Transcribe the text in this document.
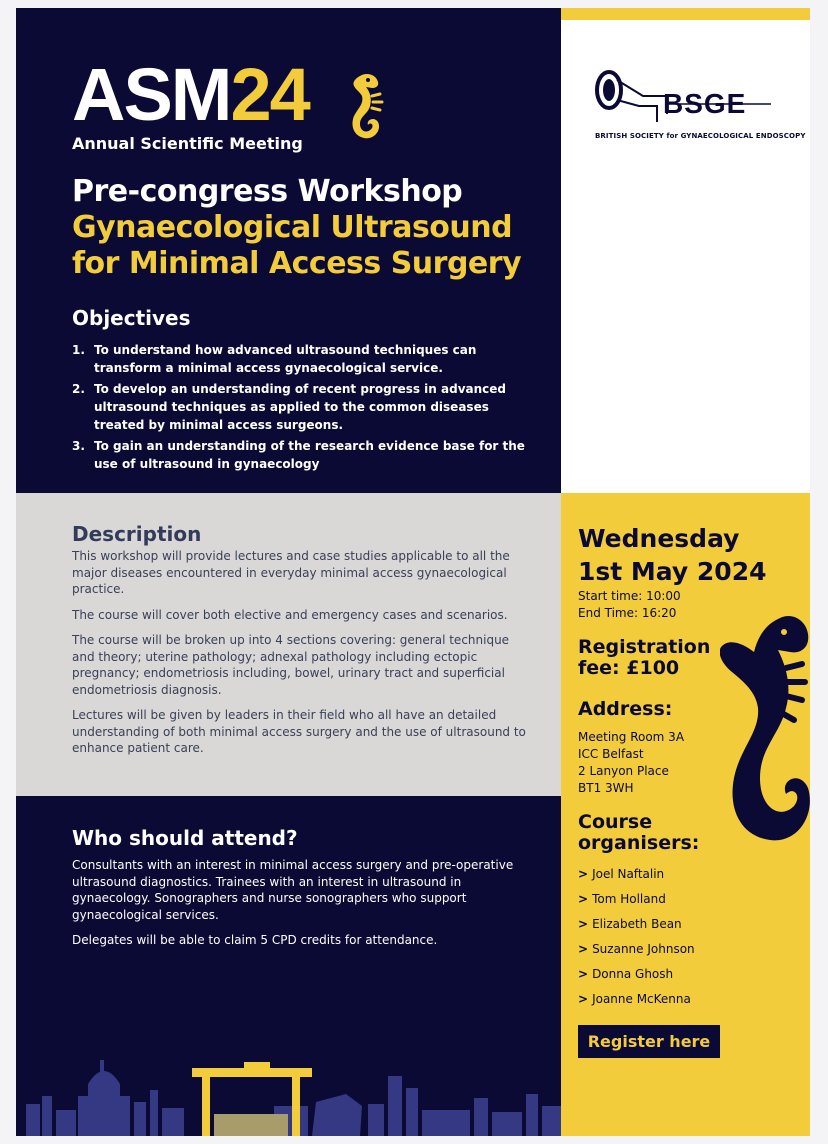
ASM24
Annual Scientific Meeting
Pre-congress Workshop
Gynaecological Ultrasound
for Minimal Access Surgery
Objectives
1. To understand how advanced ultrasound techniques can transform a minimal access gynaecological service.
2. To develop an understanding of recent progress in advanced ultrasound techniques as applied to the common diseases treated by minimal access surgeons.
3. To gain an understanding of the research evidence base for the use of ultrasound in gynaecology
BSGE
BRITISH SOCIETY for GYNAECOLOGICAL ENDOSCOPY
Description

This workshop will provide lectures and case studies applicable to all the major diseases encountered in everyday minimal access gynaecological practice.

The course will cover both elective and emergency cases and scenarios.

The course will be broken up into 4 sections covering: general technique and theory; uterine pathology; adnexal pathology including ectopic pregnancy; endometriosis including, bowel, urinary tract and superficial endometriosis diagnosis.

Lectures will be given by leaders in their field who all have an detailed understanding of both minimal access surgery and the use of ultrasound to enhance patient care.

Who should attend?

Consultants with an interest in minimal access surgery and pre-operative ultrasound diagnostics. Trainees with an interest in ultrasound in gynaecology. Sonographers and nurse sonographers who support gynaecological services.

Delegates will be able to claim 5 CPD credits for attendance.

Wednesday
1st May 2024
Start time: 10:00
End Time: 16:20
Registration
fee: £100
Address:
Meeting Room 3A
ICC Belfast
2 Lanyon Place
BT1 3WH
Course
organisers:
> Joel Naftalin
> Tom Holland
> Elizabeth Bean
> Suzanne Johnson
> Donna Ghosh
> Joanne McKenna
Register here
